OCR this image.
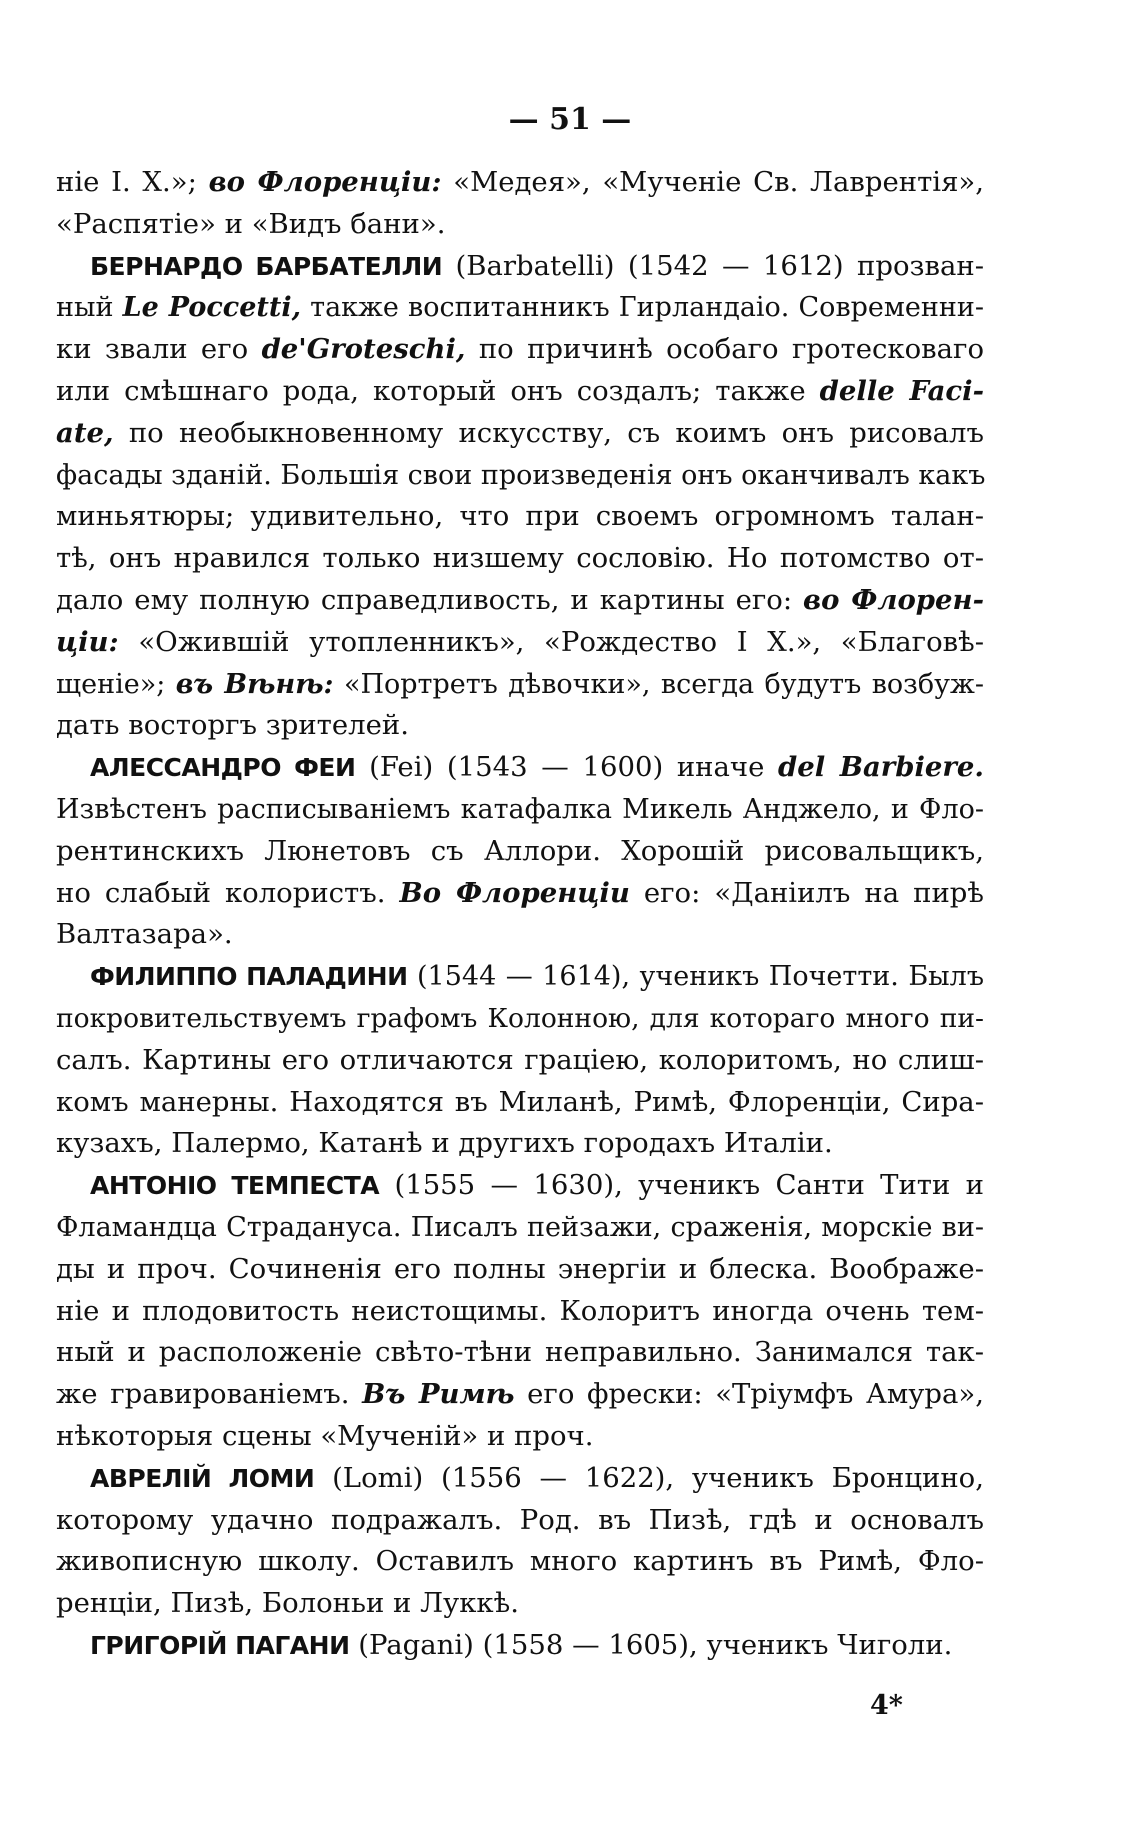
— 51 —
ніе І. Х.»; во Флоренціи: «Медея», «Мученіе Св. Лаврентія»,
«Распятіе» и «Видъ бани».
БЕРНАРДО БАРБАТЕЛЛИ (Barbatelli) (1542 — 1612) прозван-
ный Le Poccetti, также воспитанникъ Гирландаіо. Современни-
ки звали его de'Groteschi, по причинѣ особаго гротесковаго
или смѣшнаго рода, который онъ создалъ; также delle Faci-
ate, по необыкновенному искусству, съ коимъ онъ рисовалъ
фасады зданій. Большія свои произведенія онъ оканчивалъ какъ
миньятюры; удивительно, что при своемъ огромномъ талан-
тѣ, онъ нравился только низшему сословію. Но потомство от-
дало ему полную справедливость, и картины его: во Флорен-
ціи: «Ожившій утопленникъ», «Рождество І Х.», «Благовѣ-
щеніе»; въ Вѣнѣ: «Портретъ дѣвочки», всегда будутъ возбуж-
дать восторгъ зрителей.
АЛЕССАНДРО ФЕИ (Fei) (1543 — 1600) иначе del Barbiere.
Извѣстенъ расписываніемъ катафалка Микель Анджело, и Фло-
рентинскихъ Люнетовъ съ Аллори. Хорошій рисовальщикъ,
но слабый колористъ. Во Флоренціи его: «Даніилъ на пирѣ
Валтазара».
ФИЛИППО ПАЛАДИНИ (1544 — 1614), ученикъ Почетти. Былъ
покровительствуемъ графомъ Колонною, для котораго много пи-
салъ. Картины его отличаются граціею, колоритомъ, но слиш-
комъ манерны. Находятся въ Миланѣ, Римѣ, Флоренціи, Сира-
кузахъ, Палермо, Катанѣ и другихъ городахъ Италіи.
АНТОНІО ТЕМПЕСТА (1555 — 1630), ученикъ Санти Тити и
Фламандца Страдануса. Писалъ пейзажи, сраженія, морскіе ви-
ды и проч. Сочиненія его полны энергіи и блеска. Воображе-
ніе и плодовитость неистощимы. Колоритъ иногда очень тем-
ный и расположеніе свѣто-тѣни неправильно. Занимался так-
же гравированіемъ. Въ Римѣ его фрески: «Тріумфъ Амура»,
нѣкоторыя сцены «Мученій» и проч.
АВРЕЛІЙ ЛОМИ (Lomi) (1556 — 1622), ученикъ Бронцино,
которому удачно подражалъ. Род. въ Пизѣ, гдѣ и основалъ
живописную школу. Оставилъ много картинъ въ Римѣ, Фло-
ренціи, Пизѣ, Болоньи и Луккѣ.
ГРИГОРІЙ ПАГАНИ (Pagani) (1558 — 1605), ученикъ Чиголи.
4*
